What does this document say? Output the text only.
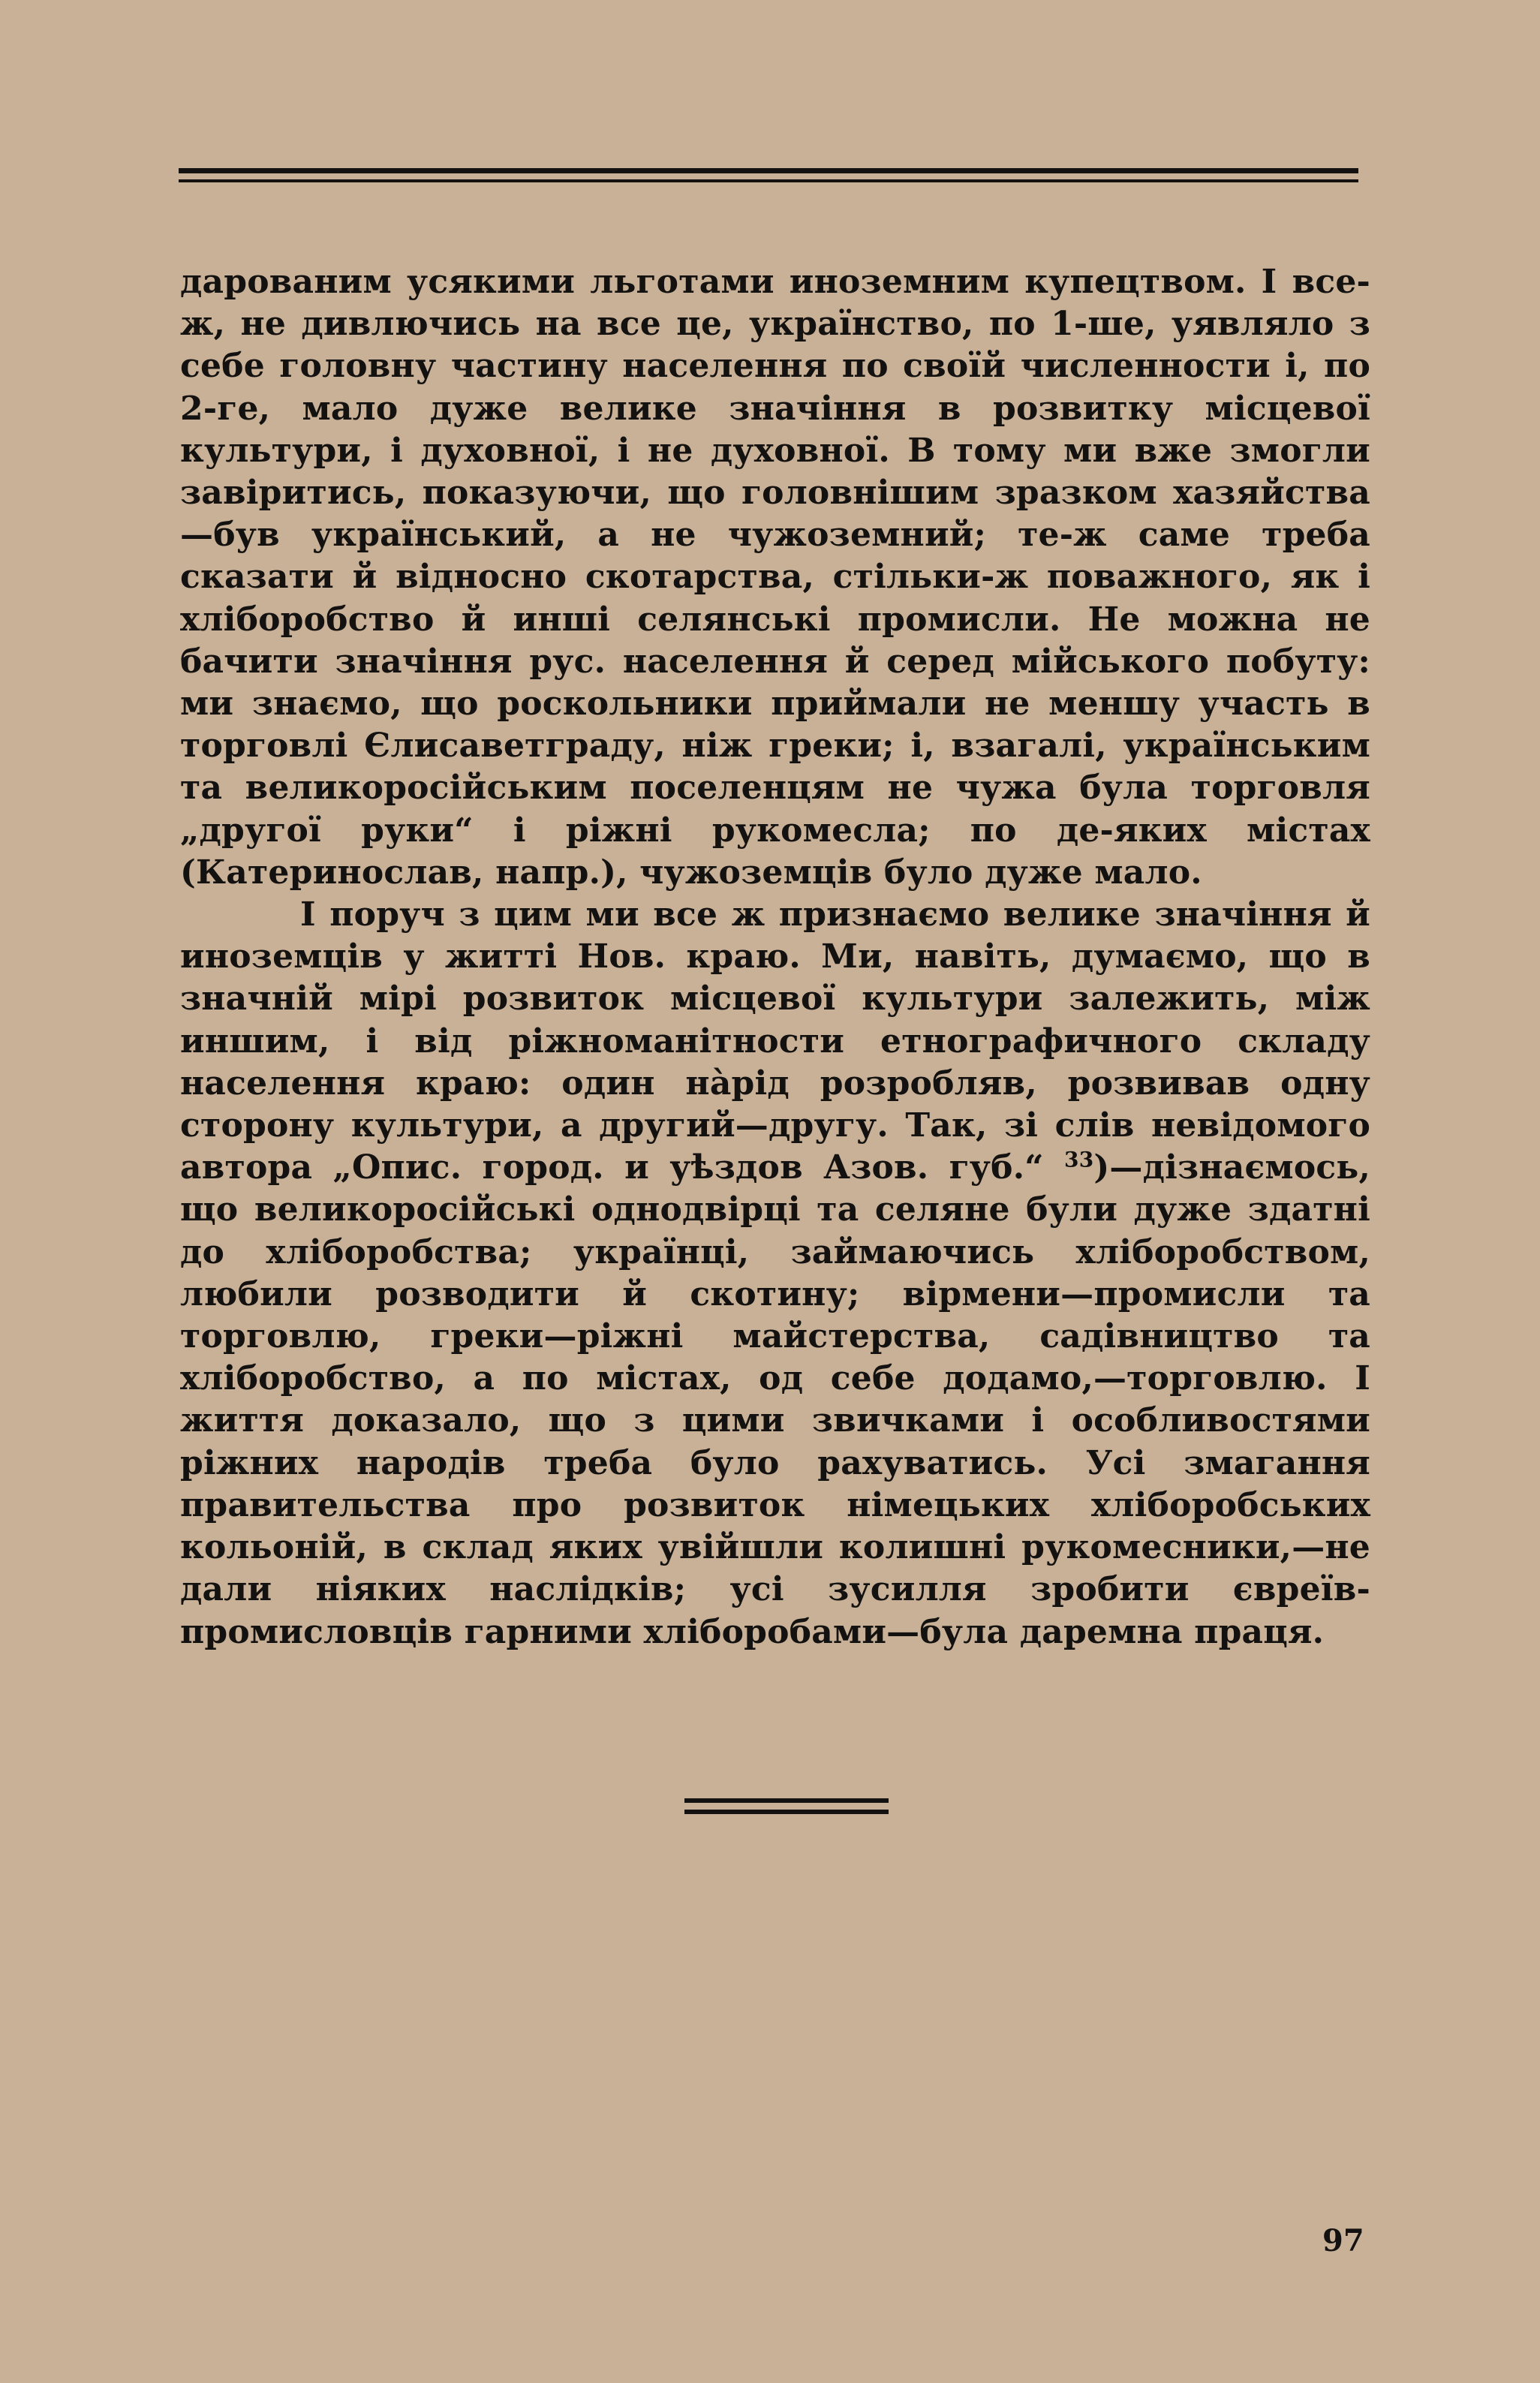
дарованим усякими льготами иноземним купецтвом. І все-ж, не дивлючись на все це, українство, по 1-ше, уявляло з себе головну частину населення по своїй численности і, по 2-ге, мало дуже велике значіння в розвитку місцевої культури, і духовної, і не духовної. В тому ми вже змогли завіритись, показуючи, що головнішим зразком хазяйства—був український, а не чужоземний; те-ж саме треба сказати й відносно скотарства, стільки-ж поважного, як і хліборобство й инші селянські промисли. Не можна не бачити значіння рус. населення й серед мійського побуту: ми знаємо, що роскольники приймали не меншу участь в торговлі Єлисаветграду, ніж греки; і, взагалі, українським та великоросійським поселенцям не чужа була торговля „другої руки“ і ріжні рукомесла; по де-яких містах (Катеринослав, напр.), чужоземців було дуже мало.

І поруч з цим ми все ж признаємо велике значіння й иноземців у житті Нов. краю. Ми, навіть, думаємо, що в значній мірі розвиток місцевої культури залежить, між иншим, і від ріжноманітности етнографичного складу населення краю: один нàрід розробляв, розвивав одну сторону культури, а другий—другу. Так, зі слів невідомого автора „Опис. город. и уѣздов Азов. губ.“ $^{33}$)—дізнаємось, що великоросійські однодвірці та селяне були дуже здатні до хліборобства; українці, займаючись хліборобством, любили розводити й скотину; вірмени—промисли та торговлю, греки—ріжні майстерства, садівництво та хліборобство, а по містах, од себе додамо,—торговлю. І життя доказало, що з цими звичками і особливостями ріжних народів треба було рахуватись. Усі змагання правительства про розвиток німецьких хліборобських кольоній, в склад яких увійшли колишні рукомесники,—не дали ніяких наслідків; усі зусилля зробити євреїв-промисловців гарними хліборобами—була даремна праця.

97
